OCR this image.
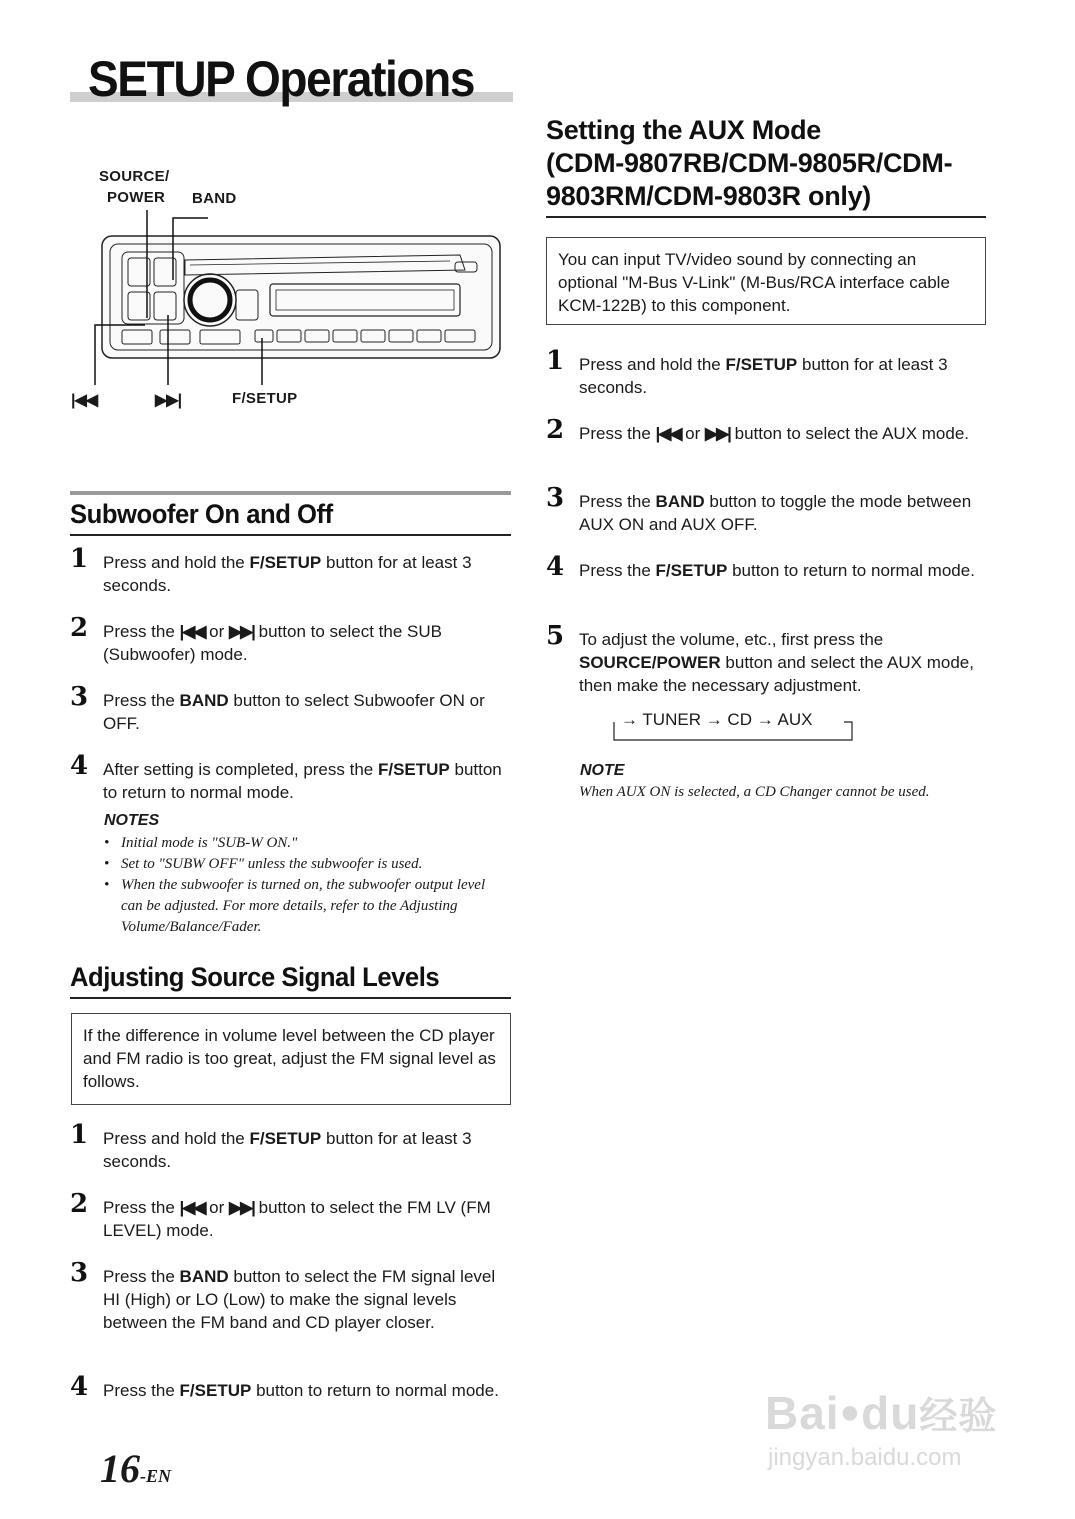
SETUP Operations
SOURCE/
POWER BAND
|◀◀	▶▶|	F/SETUP
Subwoofer On and Off
1 Press and hold the F/SETUP button for at least 3 seconds.
2 Press the |◀◀ or ▶▶| button to select the SUB (Subwoofer) mode.
3 Press the BAND button to select Subwoofer ON or OFF.
4 After setting is completed, press the F/SETUP button to return to normal mode.
NOTES
• Initial mode is "SUB-W ON."
• Set to "SUBW OFF" unless the subwoofer is used.
• When the subwoofer is turned on, the subwoofer output level can be adjusted. For more details, refer to the Adjusting Volume/Balance/Fader.
Adjusting Source Signal Levels
If the difference in volume level between the CD player and FM radio is too great, adjust the FM signal level as follows.
1 Press and hold the F/SETUP button for at least 3 seconds.
2 Press the |◀◀ or ▶▶| button to select the FM LV (FM LEVEL) mode.
3 Press the BAND button to select the FM signal level HI (High) or LO (Low) to make the signal levels between the FM band and CD player closer.
4 Press the F/SETUP button to return to normal mode.
16-EN
Setting the AUX Mode
(CDM-9807RB/CDM-9805R/CDM-
9803RM/CDM-9803R only)
You can input TV/video sound by connecting an optional "M-Bus V-Link" (M-Bus/RCA interface cable KCM-122B) to this component.
1 Press and hold the F/SETUP button for at least 3 seconds.
2 Press the |◀◀ or ▶▶| button to select the AUX mode.
3 Press the BAND button to toggle the mode between AUX ON and AUX OFF.
4 Press the F/SETUP button to return to normal mode.
5 To adjust the volume, etc., first press the SOURCE/POWER button and select the AUX mode, then make the necessary adjustment.
→ TUNER → CD → AUX
NOTE
When AUX ON is selected, a CD Changer cannot be used.
Bai●du经验
jingyan.baidu.com
